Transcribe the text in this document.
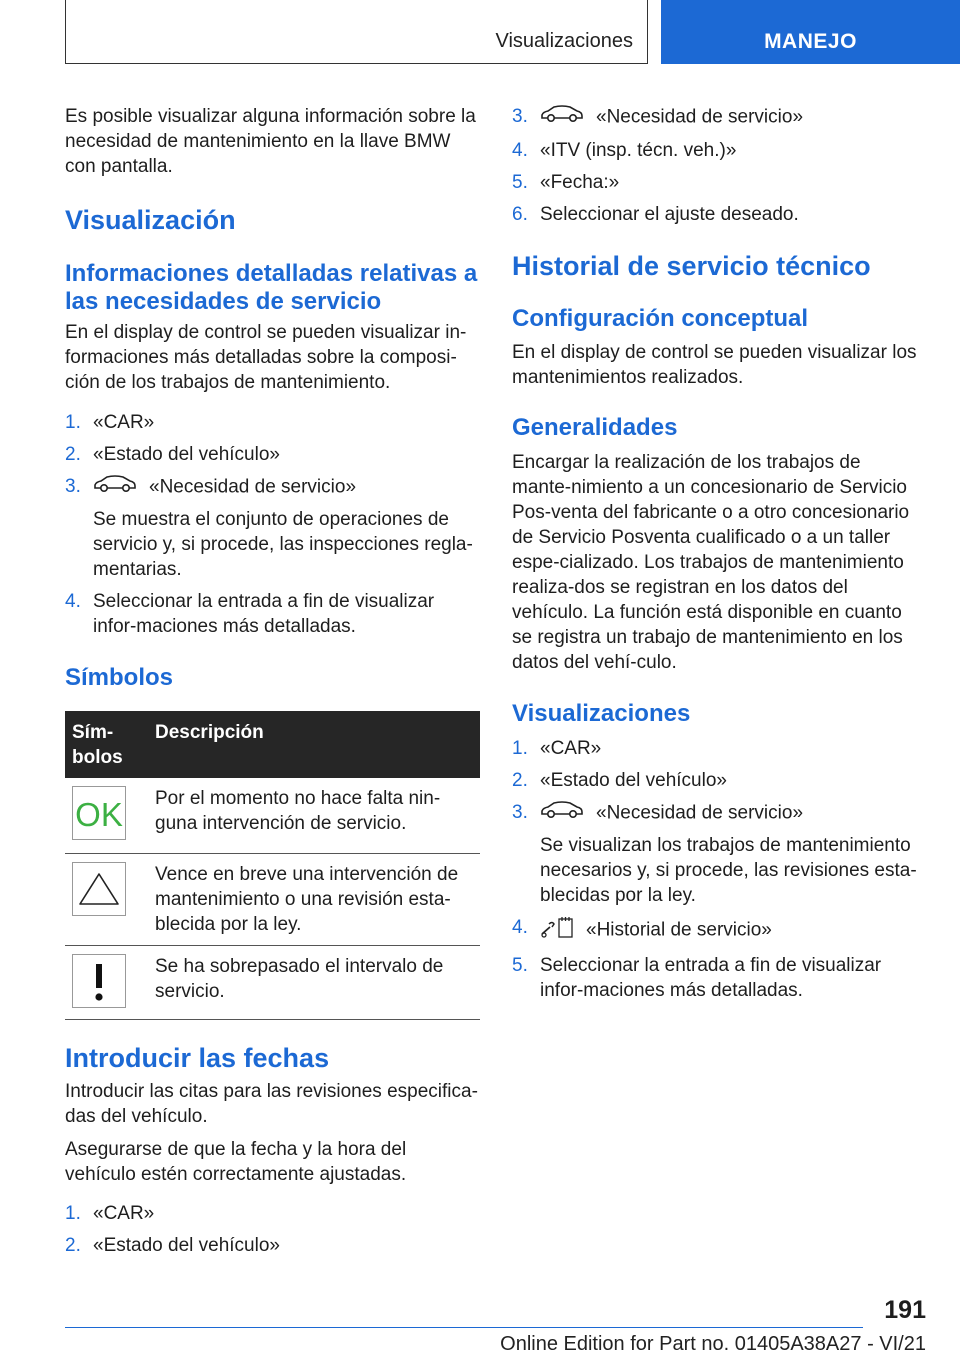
Visualizaciones	MANEJO

Es posible visualizar alguna información sobre la necesidad de mantenimiento en la llave BMW con pantalla.

Visualización
Informaciones detalladas relativas a las necesidades de servicio

En el display de control se pueden visualizar in-formaciones más detalladas sobre la composi-ción de los trabajos de mantenimiento.

1. «CAR»
2. «Estado del vehículo»
3.	«Necesidad de servicio»
Se muestra el conjunto de operaciones de servicio y, si procede, las inspecciones regla-mentarias.
4. Seleccionar la entrada a fin de visualizar infor-maciones más detalladas.
Símbolos
Sím-bolos	Descripción

OK	Por el momento no hace falta nin-guna intervención de servicio.

	Vence en breve una intervención de mantenimiento o una revisión esta-blecida por la ley.

	Se ha sobrepasado el intervalo de servicio.
Introducir las fechas

Introducir las citas para las revisiones especifica-das del vehículo.

Asegurarse de que la fecha y la hora del vehículo estén correctamente ajustadas.

1. «CAR»
2. «Estado del vehículo»
3.	«Necesidad de servicio»
4. «ITV (insp. técn. veh.)»
5. «Fecha:»
6. Seleccionar el ajuste deseado.
Historial de servicio técnico
Configuración conceptual

En el display de control se pueden visualizar los mantenimientos realizados.

Generalidades

Encargar la realización de los trabajos de mante-nimiento a un concesionario de Servicio Pos-venta del fabricante o a otro concesionario de Servicio Posventa cualificado o a un taller espe-cializado. Los trabajos de mantenimiento realiza-dos se registran en los datos del vehículo. La función está disponible en cuanto se registra un trabajo de mantenimiento en los datos del vehí-culo.

Visualizaciones
1. «CAR»
2. «Estado del vehículo»
3.	«Necesidad de servicio»
Se visualizan los trabajos de mantenimiento necesarios y, si procede, las revisiones esta-blecidas por la ley.
4.	«Historial de servicio»
5. Seleccionar la entrada a fin de visualizar infor-maciones más detalladas.
191
Online Edition for Part no. 01405A38A27 - VI/21
